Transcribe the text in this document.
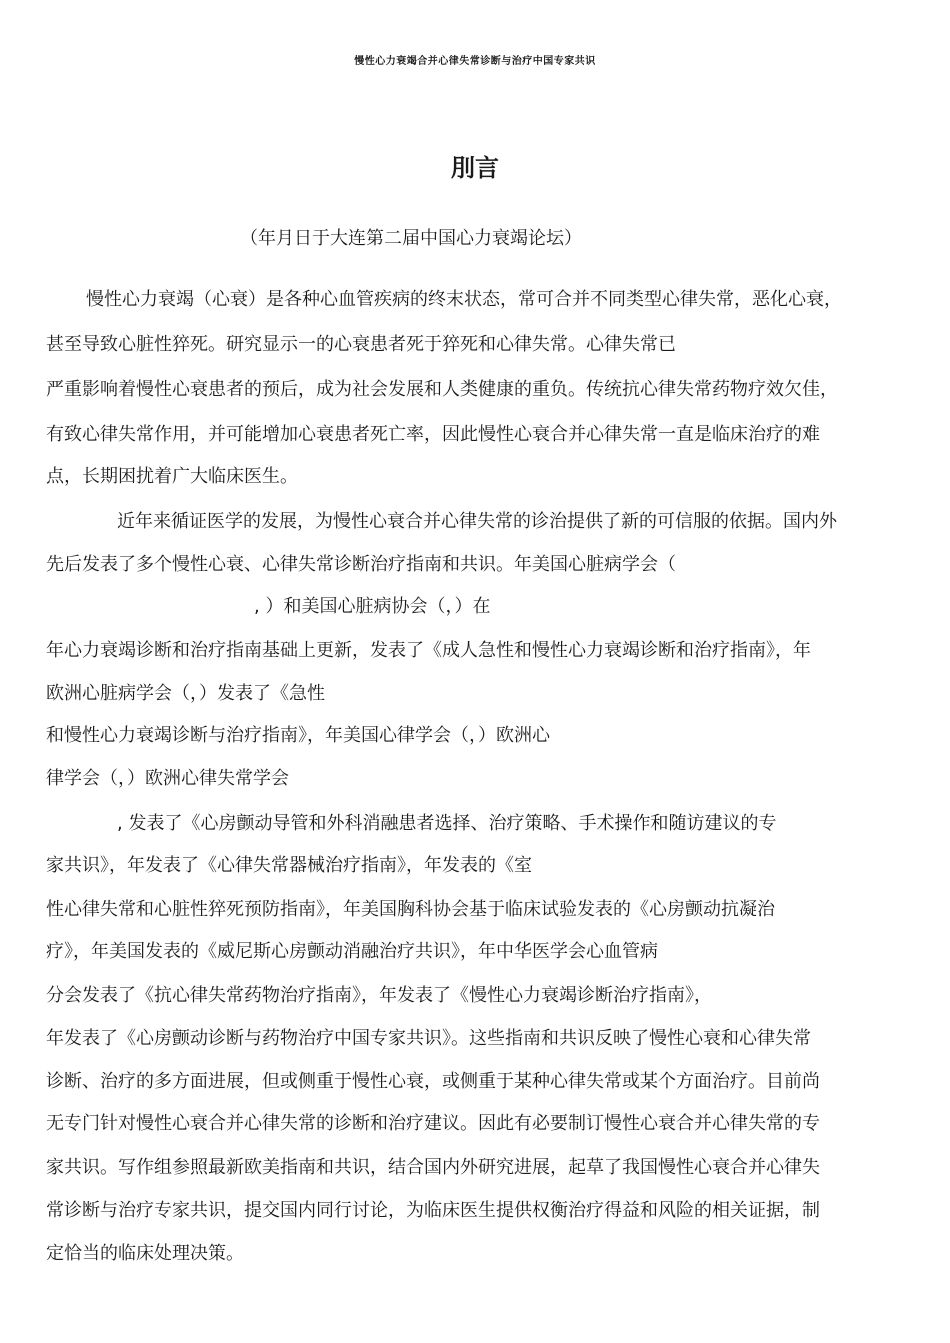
慢性心力衰竭合并心律失常诊断与治疗中国专家共识
刖言
（年月日于大连第二届中国心力衰竭论坛）
慢性心力衰竭（心衰）是各种心血管疾病的终末状态，常可合并不同类型心律失常，恶化心衰，
甚至导致心脏性猝死。研究显示一的心衰患者死于猝死和心律失常。心律失常已
严重影响着慢性心衰患者的预后，成为社会发展和人类健康的重负。传统抗心律失常药物疗效欠佳，
有致心律失常作用，并可能增加心衰患者死亡率，因此慢性心衰合并心律失常一直是临床治疗的难
点，长期困扰着广大临床医生。
近年来循证医学的发展，为慢性心衰合并心律失常的诊治提供了新的可信服的依据。国内外
先后发表了多个慢性心衰、心律失常诊断治疗指南和共识。年美国心脏病学会（
, ）和美国心脏病协会（，）在
年心力衰竭诊断和治疗指南基础上更新，发表了《成人急性和慢性心力衰竭诊断和治疗指南》，年
欧洲心脏病学会（，）发表了《急性
和慢性心力衰竭诊断与治疗指南》，年美国心律学会（，）欧洲心
律学会（，）欧洲心律失常学会
, 发表了《心房颤动导管和外科消融患者选择、治疗策略、手术操作和随访建议的专
家共识》，年发表了《心律失常器械治疗指南》，年发表的《室
性心律失常和心脏性猝死预防指南》，年美国胸科协会基于临床试验发表的《心房颤动抗凝治
疗》，年美国发表的《威尼斯心房颤动消融治疗共识》，年中华医学会心血管病
分会发表了《抗心律失常药物治疗指南》，年发表了《慢性心力衰竭诊断治疗指南》，
年发表了《心房颤动诊断与药物治疗中国专家共识》。这些指南和共识反映了慢性心衰和心律失常
诊断、治疗的多方面进展，但或侧重于慢性心衰，或侧重于某种心律失常或某个方面治疗。目前尚
无专门针对慢性心衰合并心律失常的诊断和治疗建议。因此有必要制订慢性心衰合并心律失常的专
家共识。写作组参照最新欧美指南和共识，结合国内外研究进展，起草了我国慢性心衰合并心律失
常诊断与治疗专家共识，提交国内同行讨论，为临床医生提供权衡治疗得益和风险的相关证据，制
定恰当的临床处理决策。
